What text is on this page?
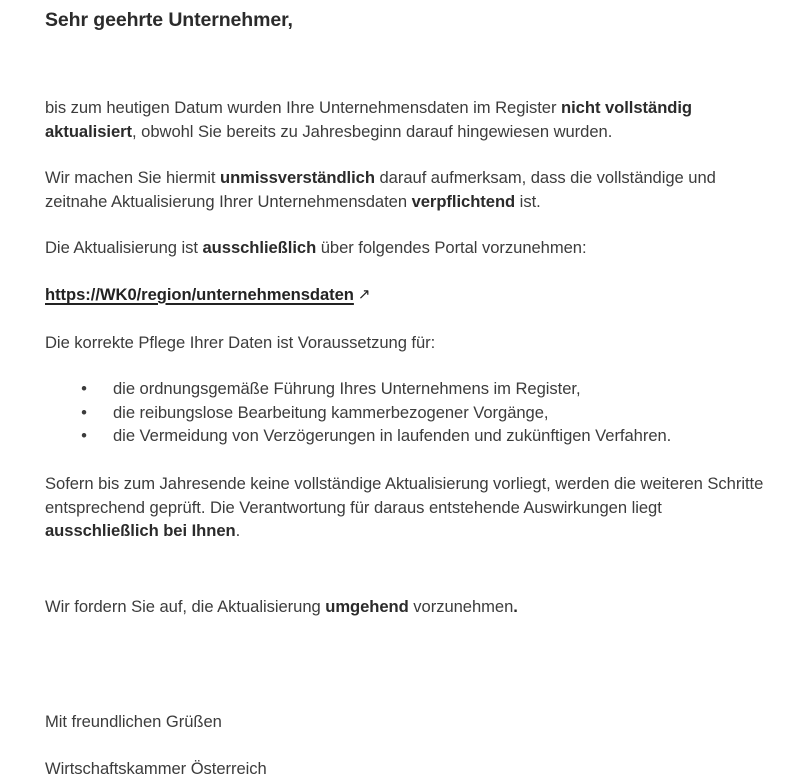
Sehr geehrte Unternehmer,

bis zum heutigen Datum wurden Ihre Unternehmensdaten im Register nicht vollständig aktualisiert, obwohl Sie bereits zu Jahresbeginn darauf hingewiesen wurden.

Wir machen Sie hiermit unmissverständlich darauf aufmerksam, dass die vollständige und zeitnahe Aktualisierung Ihrer Unternehmensdaten verpflichtend ist.

Die Aktualisierung ist ausschließlich über folgendes Portal vorzunehmen:

https://WK0/region/unternehmensdaten ↗

Die korrekte Pflege Ihrer Daten ist Voraussetzung für:

• die ordnungsgemäße Führung Ihres Unternehmens im Register,
• die reibungslose Bearbeitung kammerbezogener Vorgänge,
• die Vermeidung von Verzögerungen in laufenden und zukünftigen Verfahren.

Sofern bis zum Jahresende keine vollständige Aktualisierung vorliegt, werden die weiteren Schritte entsprechend geprüft. Die Verantwortung für daraus entstehende Auswirkungen liegt ausschließlich bei Ihnen.

Wir fordern Sie auf, die Aktualisierung umgehend vorzunehmen.

Mit freundlichen Grüßen

Wirtschaftskammer Österreich
